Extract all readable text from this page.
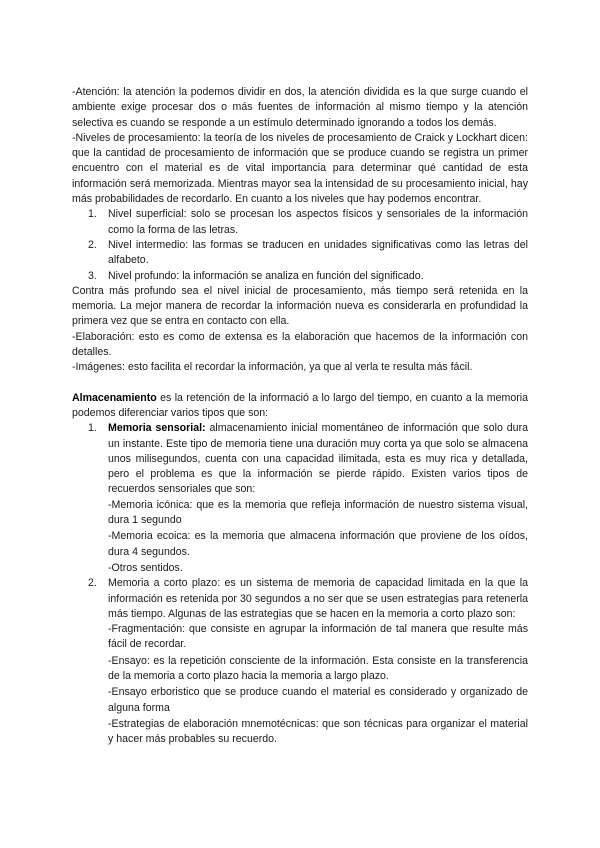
-Atención: la atención la podemos dividir en dos, la atención dividida es la que surge cuando el ambiente exige procesar dos o más fuentes de información al mismo tiempo y la atención selectiva es cuando se responde a un estímulo determinado ignorando a todos los demás.

-Niveles de procesamiento: la teoría de los niveles de procesamiento de Craick y Lockhart dicen: que la cantidad de procesamiento de información que se produce cuando se registra un primer encuentro con el material es de vital importancia para determinar qué cantidad de esta información será memorizada. Mientras mayor sea la intensidad de su procesamiento inicial, hay más probabilidades de recordarlo. En cuanto a los niveles que hay podemos encontrar.

1. Nivel superficial: solo se procesan los aspectos físicos y sensoriales de la información como la forma de las letras.
2. Nivel intermedio: las formas se traducen en unidades significativas como las letras del alfabeto.
3. Nivel profundo: la información se analiza en función del significado.

Contra más profundo sea el nivel inicial de procesamiento, más tiempo será retenida en la memoria. La mejor manera de recordar la información nueva es considerarla en profundidad la primera vez que se entra en contacto con ella.

-Elaboración: esto es como de extensa es la elaboración que hacemos de la información con detalles.

-Imágenes: esto facilita el recordar la información, ya que al verla te resulta más fácil.

Almacenamiento es la retención de la informació a lo largo del tiempo, en cuanto a la memoria podemos diferenciar varios tipos que son:

1. Memoria sensorial: almacenamiento inicial momentáneo de información que solo dura un instante. Este tipo de memoria tiene una duración muy corta ya que solo se almacena unos milisegundos, cuenta con una capacidad ilimitada, esta es muy rica y detallada, pero el problema es que la información se pierde rápido. Existen varios tipos de recuerdos sensoriales que son:

-Memoria icónica: que es la memoria que refleja información de nuestro sistema visual, dura 1 segundo

-Memoria ecoica: es la memoria que almacena información que proviene de los oídos, dura 4 segundos.

-Otros sentidos.

2. Memoria a corto plazo: es un sistema de memoria de capacidad limitada en la que la información es retenida por 30 segundos a no ser que se usen estrategias para retenerla más tiempo. Algunas de las estrategias que se hacen en la memoria a corto plazo son:

-Fragmentación: que consiste en agrupar la información de tal manera que resulte más fácil de recordar.

-Ensayo: es la repetición consciente de la información. Esta consiste en la transferencia de la memoria a corto plazo hacia la memoria a largo plazo.

-Ensayo erboristico que se produce cuando el material es considerado y organizado de alguna forma

-Estrategias de elaboración mnemotécnicas: que son técnicas para organizar el material y hacer más probables su recuerdo.
